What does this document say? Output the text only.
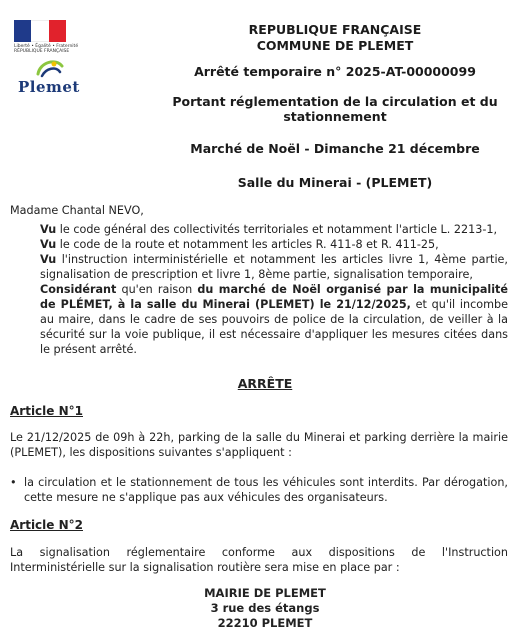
Liberté • Égalité • Fraternité
RÉPUBLIQUE FRANÇAISE
Plemet
REPUBLIQUE FRANÇAISE
COMMUNE DE PLEMET
Arrêté temporaire n° 2025-AT-00000099
Portant réglementation de la circulation et du
stationnement
Marché de Noël - Dimanche 21 décembre
Salle du Minerai - (PLEMET)
Madame Chantal NEVO,

Vu le code général des collectivités territoriales et notamment l'article L. 2213-1,

Vu le code de la route et notamment les articles R. 411-8 et R. 411-25,

Vu l'instruction interministérielle et notamment les articles livre 1, 4ème partie, signalisation de prescription et livre 1, 8ème partie, signalisation temporaire,

Considérant qu'en raison du marché de Noël organisé par la municipalité de PLÉMET, à la salle du Minerai (PLEMET) le 21/12/2025, et qu'il incombe au maire, dans le cadre de ses pouvoirs de police de la circulation, de veiller à la sécurité sur la voie publique, il est nécessaire d'appliquer les mesures citées dans le présent arrêté.

ARRÊTE
Article N°1
Le 21/12/2025 de 09h à 22h, parking de la salle du Minerai et parking derrière la mairie (PLEMET), les dispositions suivantes s'appliquent :
• la circulation et le stationnement de tous les véhicules sont interdits. Par dérogation, cette mesure ne s'applique pas aux véhicules des organisateurs.
Article N°2
La signalisation réglementaire conforme aux dispositions de l'Instruction Interministérielle sur la signalisation routière sera mise en place par :
MAIRIE DE PLEMET
3 rue des étangs
22210 PLEMET
